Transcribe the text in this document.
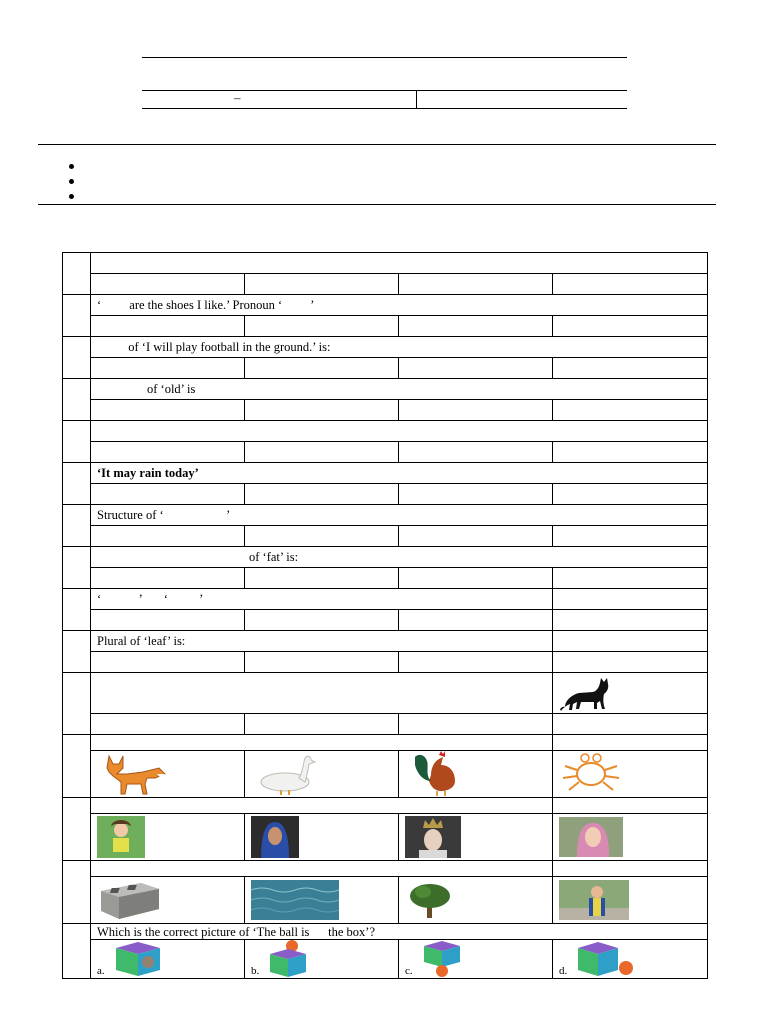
–

	‘         are the shoes I like.’ Pronoun ‘         ’			

	of ‘I will play football in the ground.’ is:			

	of ‘old’ is			

	‘It may rain today’			

	Structure of ‘                    ’			

	of ‘fat’ is:			

	‘            ’       ‘          ’			

	Plural of ‘leaf’ is:			

	Which is the correct picture of ‘The ball is      the box’?			
	a.	b.	c.	d.
